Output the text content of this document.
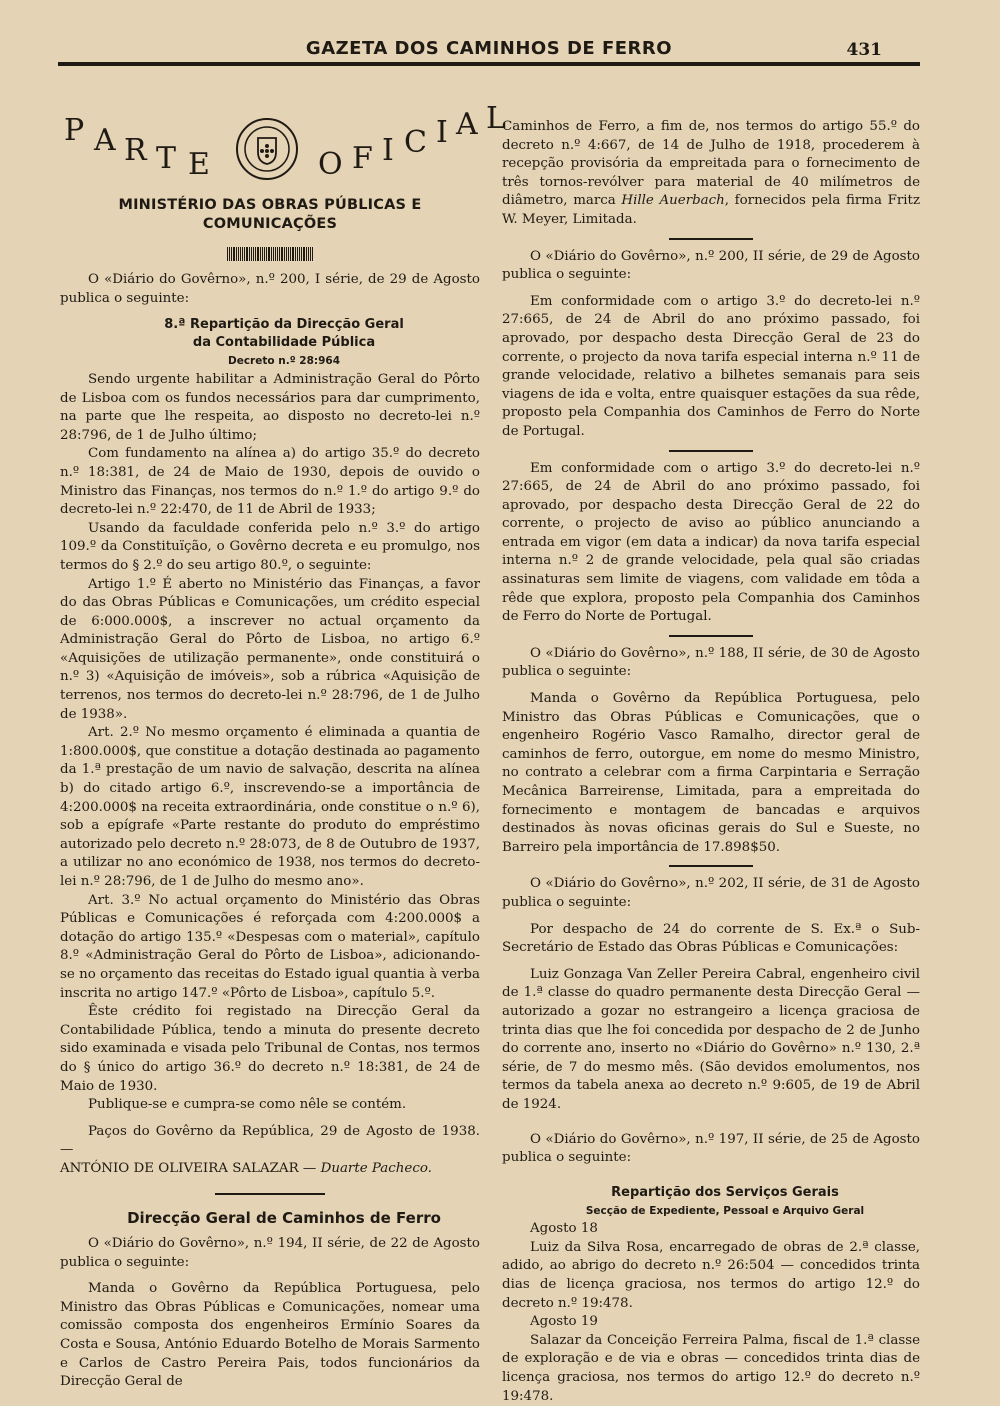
GAZETA DOS CAMINHOS DE FERRO	431
P A R T E	O F I C I A L
MINISTÉRIO DAS OBRAS PÚBLICAS E COMUNICAÇÕES

O «Diário do Govêrno», n.º 200, I série, de 29 de Agosto publica o seguinte:

8.ª Repartição da Direcção Geral

da Contabilidade Pública

Decreto n.º 28:964

Sendo urgente habilitar a Administração Geral do Pôrto de Lisboa com os fundos necessários para dar cumprimento, na parte que lhe respeita, ao disposto no decreto-lei n.º 28:796, de 1 de Julho último;

Com fundamento na alínea a) do artigo 35.º do decreto n.º 18:381, de 24 de Maio de 1930, depois de ouvido o Ministro das Finanças, nos termos do n.º 1.º do artigo 9.º do decreto-lei n.º 22:470, de 11 de Abril de 1933;

Usando da faculdade conferida pelo n.º 3.º do artigo 109.º da Constituïção, o Govêrno decreta e eu promulgo, nos termos do § 2.º do seu artigo 80.º, o seguinte:

Artigo 1.º É aberto no Ministério das Finanças, a favor do das Obras Públicas e Comunicações, um crédito especial de 6:000.000$, a inscrever no actual orçamento da Administração Geral do Pôrto de Lisboa, no artigo 6.º «Aquisições de utilização permanente», onde constituirá o n.º 3) «Aquisição de imóveis», sob a rúbrica «Aquisição de terrenos, nos termos do decreto-lei n.º 28:796, de 1 de Julho de 1938».

Art. 2.º No mesmo orçamento é eliminada a quantia de 1:800.000$, que constitue a dotação destinada ao pagamento da 1.ª prestação de um navio de salvação, descrita na alínea b) do citado artigo 6.º, inscrevendo-se a importância de 4:200.000$ na receita extraordinária, onde constitue o n.º 6), sob a epígrafe «Parte restante do produto do empréstimo autorizado pelo decreto n.º 28:073, de 8 de Outubro de 1937, a utilizar no ano económico de 1938, nos termos do decreto-lei n.º 28:796, de 1 de Julho do mesmo ano».

Art. 3.º No actual orçamento do Ministério das Obras Públicas e Comunicações é reforçada com 4:200.000$ a dotação do artigo 135.º «Despesas com o material», capítulo 8.º «Administração Geral do Pôrto de Lisboa», adicionando-se no orçamento das receitas do Estado igual quantia à verba inscrita no artigo 147.º «Pôrto de Lisboa», capítulo 5.º.

Êste crédito foi registado na Direcção Geral da Contabilidade Pública, tendo a minuta do presente decreto sido examinada e visada pelo Tribunal de Contas, nos termos do § único do artigo 36.º do decreto n.º 18:381, de 24 de Maio de 1930.

Publique-se e cumpra-se como nêle se contém.

Paços do Govêrno da República, 29 de Agosto de 1938. —

ANTÓNIO DE OLIVEIRA SALAZAR — Duarte Pacheco.

Direcção Geral de Caminhos de Ferro

O «Diário do Govêrno», n.º 194, II série, de 22 de Agosto publica o seguinte:

Manda o Govêrno da República Portuguesa, pelo Ministro das Obras Públicas e Comunicações, nomear uma comissão composta dos engenheiros Ermínio Soares da Costa e Sousa, António Eduardo Botelho de Morais Sarmento e Carlos de Castro Pereira Pais, todos funcionários da Direcção Geral de

Caminhos de Ferro, a fim de, nos termos do artigo 55.º do decreto n.º 4:667, de 14 de Julho de 1918, procederem à recepção provisória da empreitada para o fornecimento de três tornos-revólver para material de 40 milímetros de diâmetro, marca Hille Auerbach, fornecidos pela firma Fritz W. Meyer, Limitada.

O «Diário do Govêrno», n.º 200, II série, de 29 de Agosto publica o seguinte:

Em conformidade com o artigo 3.º do decreto-lei n.º 27:665, de 24 de Abril do ano próximo passado, foi aprovado, por despacho desta Direcção Geral de 23 do corrente, o projecto da nova tarifa especial interna n.º 11 de grande velocidade, relativo a bilhetes semanais para seis viagens de ida e volta, entre quaisquer estações da sua rêde, proposto pela Companhia dos Caminhos de Ferro do Norte de Portugal.

Em conformidade com o artigo 3.º do decreto-lei n.º 27:665, de 24 de Abril do ano próximo passado, foi aprovado, por despacho desta Direcção Geral de 22 do corrente, o projecto de aviso ao público anunciando a entrada em vigor (em data a indicar) da nova tarifa especial interna n.º 2 de grande velocidade, pela qual são criadas assinaturas sem limite de viagens, com validade em tôda a rêde que explora, proposto pela Companhia dos Caminhos de Ferro do Norte de Portugal.

O «Diário do Govêrno», n.º 188, II série, de 30 de Agosto publica o seguinte:

Manda o Govêrno da República Portuguesa, pelo Ministro das Obras Públicas e Comunicações, que o engenheiro Rogério Vasco Ramalho, director geral de caminhos de ferro, outorgue, em nome do mesmo Ministro, no contrato a celebrar com a firma Carpintaria e Serração Mecânica Barreirense, Limitada, para a empreitada do fornecimento e montagem de bancadas e arquivos destinados às novas oficinas gerais do Sul e Sueste, no Barreiro pela importância de 17.898$50.

O «Diário do Govêrno», n.º 202, II série, de 31 de Agosto publica o seguinte:

Por despacho de 24 do corrente de S. Ex.ª o Sub-Secretário de Estado das Obras Públicas e Comunicações:

Luiz Gonzaga Van Zeller Pereira Cabral, engenheiro civil de 1.ª classe do quadro permanente desta Direcção Geral — autorizado a gozar no estrangeiro a licença graciosa de trinta dias que lhe foi concedida por despacho de 2 de Junho do corrente ano, inserto no «Diário do Govêrno» n.º 130, 2.ª série, de 7 do mesmo mês. (São devidos emolumentos, nos termos da tabela anexa ao decreto n.º 9:605, de 19 de Abril de 1924.

O «Diário do Govêrno», n.º 197, II série, de 25 de Agosto publica o seguinte:

Repartição dos Serviços Gerais

Secção de Expediente, Pessoal e Arquivo Geral

Agosto 18

Luiz da Silva Rosa, encarregado de obras de 2.ª classe, adido, ao abrigo do decreto n.º 26:504 — concedidos trinta dias de licença graciosa, nos termos do artigo 12.º do decreto n.º 19:478.

Agosto 19

Salazar da Conceição Ferreira Palma, fiscal de 1.ª classe de exploração e de via e obras — concedidos trinta dias de licença graciosa, nos termos do artigo 12.º do decreto n.º 19:478.
